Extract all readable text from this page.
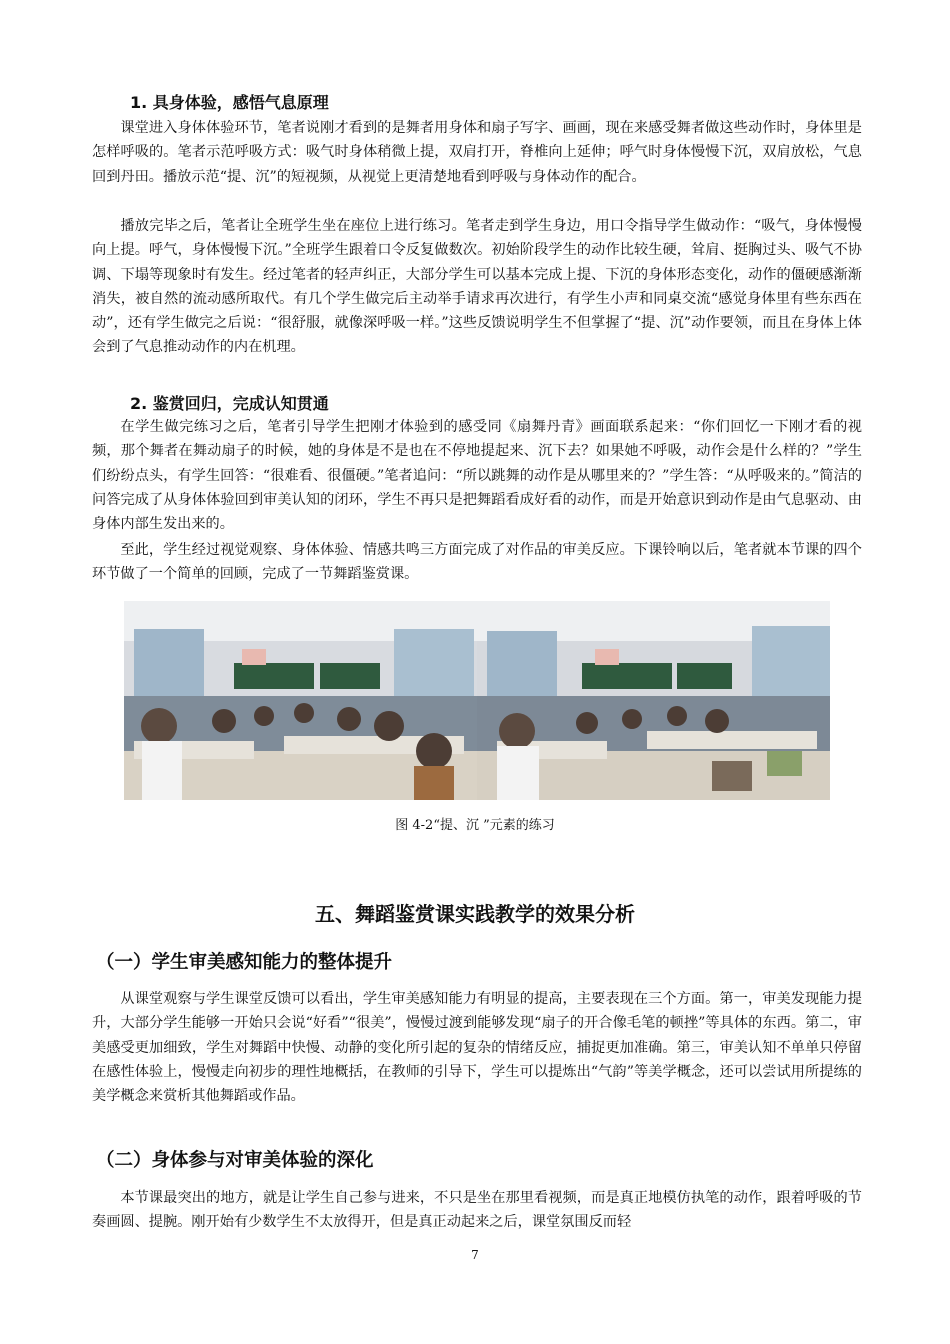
1. 具身体验，感悟气息原理

课堂进入身体体验环节，笔者说刚才看到的是舞者用身体和扇子写字、画画，现在来感受舞者做这些动作时，身体里是怎样呼吸的。笔者示范呼吸方式：吸气时身体稍微上提，双肩打开，脊椎向上延伸；呼气时身体慢慢下沉，双肩放松，气息回到丹田。播放示范“提、沉”的短视频，从视觉上更清楚地看到呼吸与身体动作的配合。

播放完毕之后，笔者让全班学生坐在座位上进行练习。笔者走到学生身边，用口令指导学生做动作：“吸气，身体慢慢向上提。呼气，身体慢慢下沉。”全班学生跟着口令反复做数次。初始阶段学生的动作比较生硬，耸肩、挺胸过头、吸气不协调、下塌等现象时有发生。经过笔者的轻声纠正，大部分学生可以基本完成上提、下沉的身体形态变化，动作的僵硬感渐渐消失，被自然的流动感所取代。有几个学生做完后主动举手请求再次进行，有学生小声和同桌交流“感觉身体里有些东西在动”，还有学生做完之后说：“很舒服，就像深呼吸一样。”这些反馈说明学生不但掌握了“提、沉”动作要领，而且在身体上体会到了气息推动动作的内在机理。

2. 鉴赏回归，完成认知贯通

在学生做完练习之后，笔者引导学生把刚才体验到的感受同《扇舞丹青》画面联系起来：“你们回忆一下刚才看的视频，那个舞者在舞动扇子的时候，她的身体是不是也在不停地提起来、沉下去？如果她不呼吸，动作会是什么样的？”学生们纷纷点头，有学生回答：“很难看、很僵硬。”笔者追问：“所以跳舞的动作是从哪里来的？”学生答：“从呼吸来的。”简洁的问答完成了从身体体验回到审美认知的闭环，学生不再只是把舞蹈看成好看的动作，而是开始意识到动作是由气息驱动、由身体内部生发出来的。

至此，学生经过视觉观察、身体体验、情感共鸣三方面完成了对作品的审美反应。下课铃响以后，笔者就本节课的四个环节做了一个简单的回顾，完成了一节舞蹈鉴赏课。

图 4-2“提、沉 ”元素的练习
五、舞蹈鉴赏课实践教学的效果分析
（一）学生审美感知能力的整体提升

从课堂观察与学生课堂反馈可以看出，学生审美感知能力有明显的提高，主要表现在三个方面。第一，审美发现能力提升，大部分学生能够一开始只会说“好看”“很美”，慢慢过渡到能够发现“扇子的开合像毛笔的顿挫”等具体的东西。第二，审美感受更加细致，学生对舞蹈中快慢、动静的变化所引起的复杂的情绪反应，捕捉更加准确。第三，审美认知不单单只停留在感性体验上，慢慢走向初步的理性地概括，在教师的引导下，学生可以提炼出“气韵”等美学概念，还可以尝试用所提练的美学概念来赏析其他舞蹈或作品。

（二）身体参与对审美体验的深化

本节课最突出的地方，就是让学生自己参与进来，不只是坐在那里看视频，而是真正地模仿执笔的动作，跟着呼吸的节奏画圆、提腕。刚开始有少数学生不太放得开，但是真正动起来之后，课堂氛围反而轻

7
